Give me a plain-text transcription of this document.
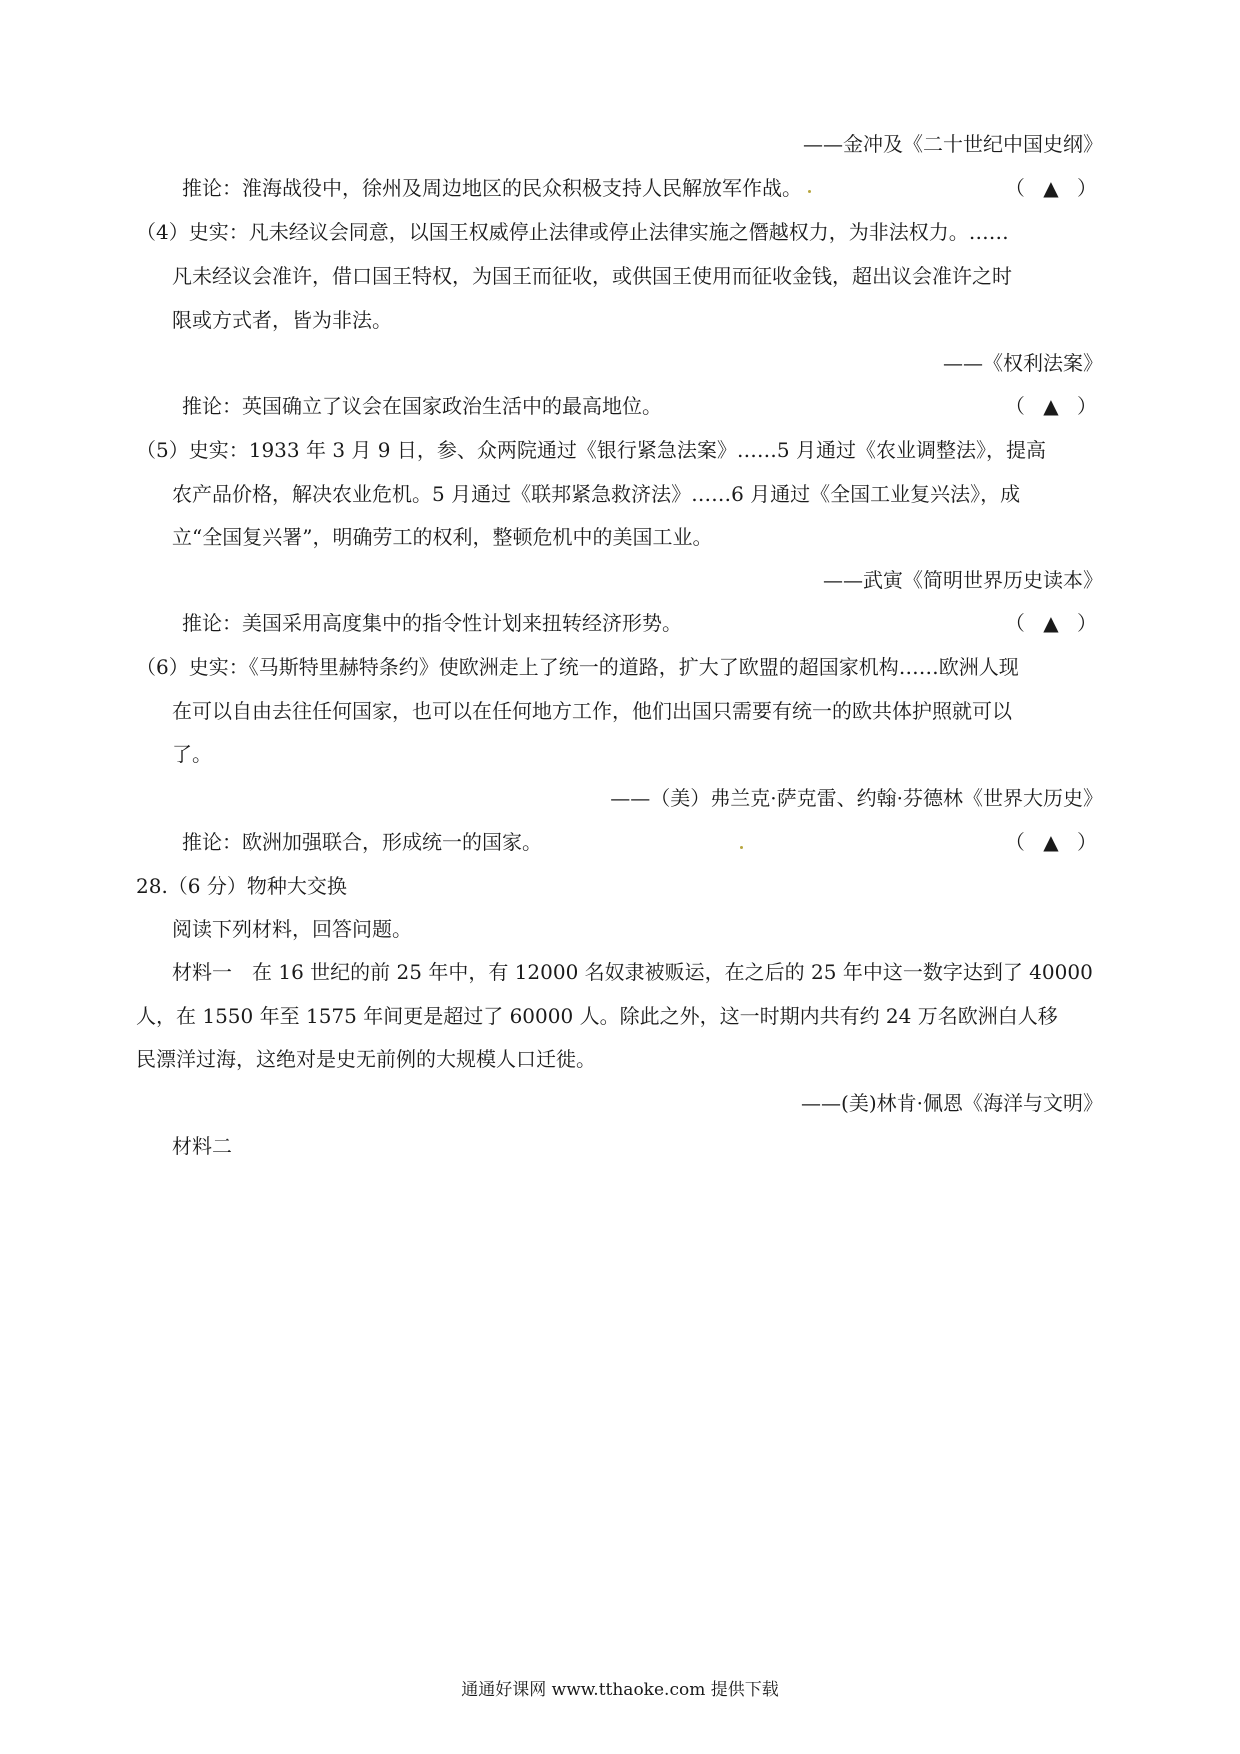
——金冲及《二十世纪中国史纲》
推论：淮海战役中，徐州及周边地区的民众积极支持人民解放军作战。	（ ▲ ）
（4）史实：凡未经议会同意，以国王权威停止法律或停止法律实施之僭越权力，为非法权力。……
凡未经议会准许，借口国王特权，为国王而征收，或供国王使用而征收金钱，超出议会准许之时
限或方式者，皆为非法。
——《权利法案》
推论：英国确立了议会在国家政治生活中的最高地位。	（ ▲ ）
（5）史实：1933 年 3 月 9 日，参、众两院通过《银行紧急法案》……5 月通过《农业调整法》，提高
农产品价格，解决农业危机。5 月通过《联邦紧急救济法》……6 月通过《全国工业复兴法》，成
立“全国复兴署”，明确劳工的权利，整顿危机中的美国工业。
——武寅《简明世界历史读本》
推论：美国采用高度集中的指令性计划来扭转经济形势。	（ ▲ ）
（6）史实：《马斯特里赫特条约》使欧洲走上了统一的道路，扩大了欧盟的超国家机构……欧洲人现
在可以自由去往任何国家，也可以在任何地方工作，他们出国只需要有统一的欧共体护照就可以
了。
——（美）弗兰克·萨克雷、约翰·芬德林《世界大历史》
推论：欧洲加强联合，形成统一的国家。	（ ▲ ）
28.（6 分）物种大交换
阅读下列材料，回答问题。
材料一　在 16 世纪的前 25 年中，有 12000 名奴隶被贩运，在之后的 25 年中这一数字达到了 40000
人，在 1550 年至 1575 年间更是超过了 60000 人。除此之外，这一时期内共有约 24 万名欧洲白人移
民漂洋过海，这绝对是史无前例的大规模人口迁徙。
——(美)林肯·佩恩《海洋与文明》
材料二
通通好课网 www.tthaoke.com 提供下载
